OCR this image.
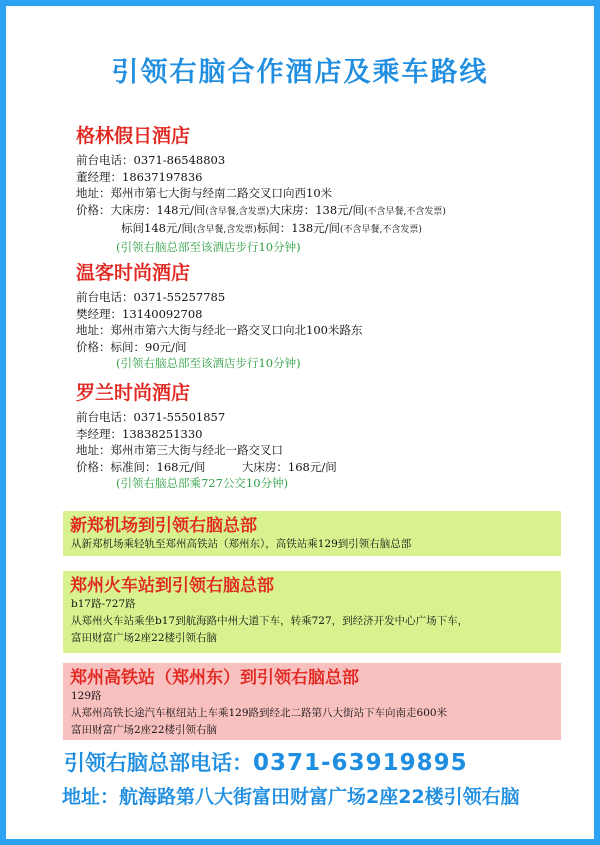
引领右脑合作酒店及乘车路线
格林假日酒店
前台电话：0371-86548803
董经理：18637197836
地址：郑州市第七大街与经南二路交叉口向西10米
价格：大床房：148元/间(含早餐,含发票)大床房：138元/间(不含早餐,不含发票)
标间148元/间(含早餐,含发票)标间：138元/间(不含早餐,不含发票)
(引领右脑总部至该酒店步行10分钟)
温客时尚酒店
前台电话：0371-55257785
樊经理：13140092708
地址：郑州市第六大街与经北一路交叉口向北100米路东
价格：标间：90元/间
(引领右脑总部至该酒店步行10分钟)
罗兰时尚酒店
前台电话：0371-55501857
李经理：13838251330
地址：郑州市第三大街与经北一路交叉口
价格：标准间：168元/间          大床房：168元/间
(引领右脑总部乘727公交10分钟)
新郑机场到引领右脑总部
从新郑机场乘轻轨至郑州高铁站（郑州东），高铁站乘129到引领右脑总部
郑州火车站到引领右脑总部
b17路-727路
从郑州火车站乘坐b17到航海路中州大道下车，转乘727，到经济开发中心广场下车，
富田财富广场2座22楼引领右脑
郑州高铁站（郑州东）到引领右脑总部
129路
从郑州高铁长途汽车枢纽站上车乘129路到经北二路第八大街站下车向南走600米
富田财富广场2座22楼引领右脑
引领右脑总部电话：0371-63919895
地址：航海路第八大街富田财富广场2座22楼引领右脑
